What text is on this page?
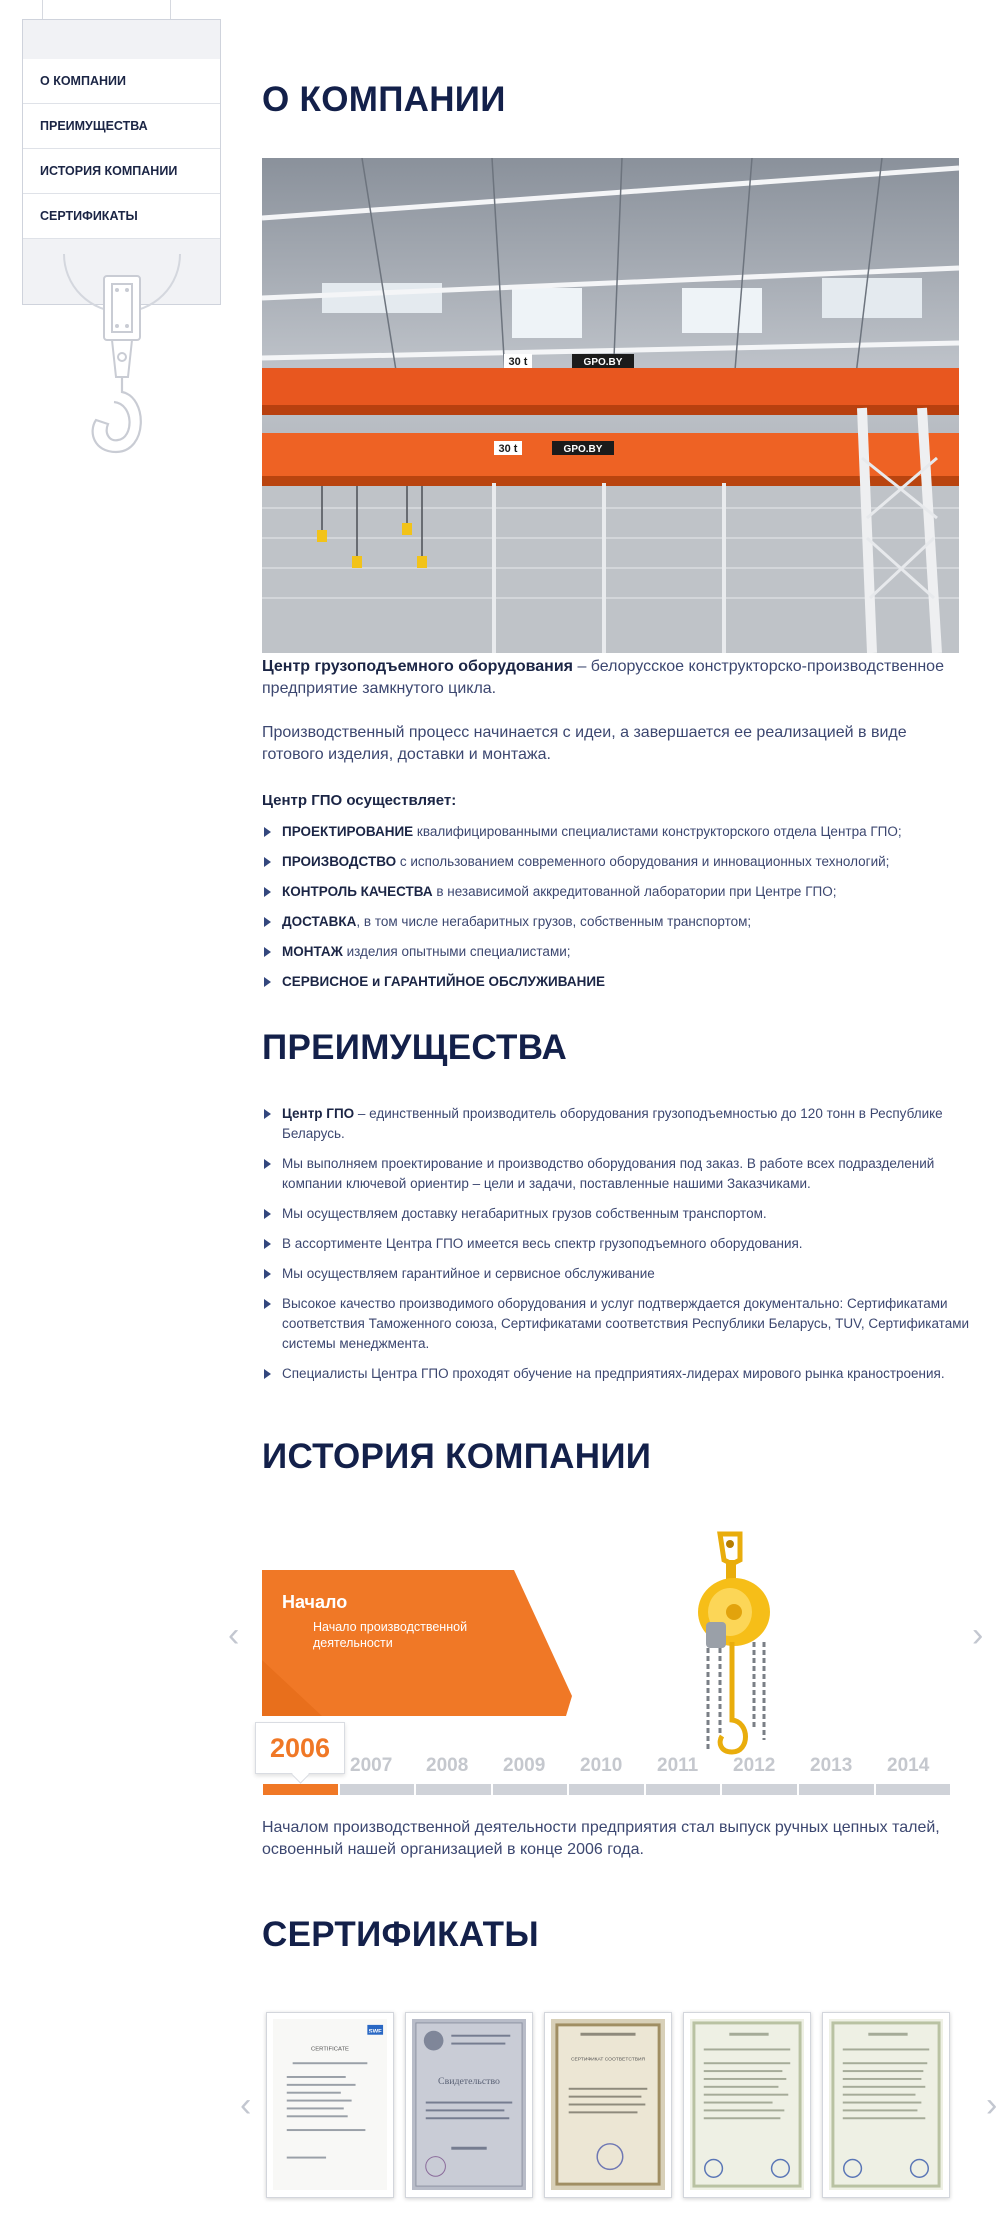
О КОМПАНИИ
ПРЕИМУЩЕСТВА
ИСТОРИЯ КОМПАНИИ
СЕРТИФИКАТЫ
О КОМПАНИИ
30 t	GPO.BY
30 t	GPO.BY

Центр грузоподъемного оборудования – белорусское конструкторско-производственное предприятие замкнутого цикла.

Производственный процесс начинается с идеи, а завершается ее реализацией в виде готового изделия, доставки и монтажа.

Центр ГПО осуществляет:

ПРОЕКТИРОВАНИЕ квалифицированными специалистами конструкторского отдела Центра ГПО;
ПРОИЗВОДСТВО с использованием современного оборудования и инновационных технологий;
КОНТРОЛЬ КАЧЕСТВА в независимой аккредитованной лаборатории при Центре ГПО;
ДОСТАВКА, в том числе негабаритных грузов, собственным транспортом;
МОНТАЖ изделия опытными специалистами;
СЕРВИСНОЕ и ГАРАНТИЙНОЕ ОБСЛУЖИВАНИЕ
ПРЕИМУЩЕСТВА
Центр ГПО – единственный производитель оборудования грузоподъемностью до 120 тонн в Республике Беларусь.
Мы выполняем проектирование и производство оборудования под заказ. В работе всех подразделений компании ключевой ориентир – цели и задачи, поставленные нашими Заказчиками.
Мы осуществляем доставку негабаритных грузов собственным транспортом.
В ассортименте Центра ГПО имеется весь спектр грузоподъемного оборудования.
Мы осуществляем гарантийное и сервисное обслуживание
Высокое качество производимого оборудования и услуг подтверждается документально: Сертификатами соответствия Таможенного союза, Сертификатами соответствия Республики Беларусь, TUV, Сертификатами системы менеджмента.
Специалисты Центра ГПО проходят обучение на предприятиях-лидерах мирового рынка краностроения.
ИСТОРИЯ КОМПАНИИ
Начало
Начало производственной деятельности
‹	›
2006
2007 2008 2009 2010 2011 2012 2013 2014

Началом производственной деятельности предприятия стал выпуск ручных цепных талей, освоенный нашей организацией в конце 2006 года.

СЕРТИФИКАТЫ
‹	›
SWF
CERTIFICATE
Свидетельство
СЕРТИФИКАТ СООТВЕТСТВИЯ
